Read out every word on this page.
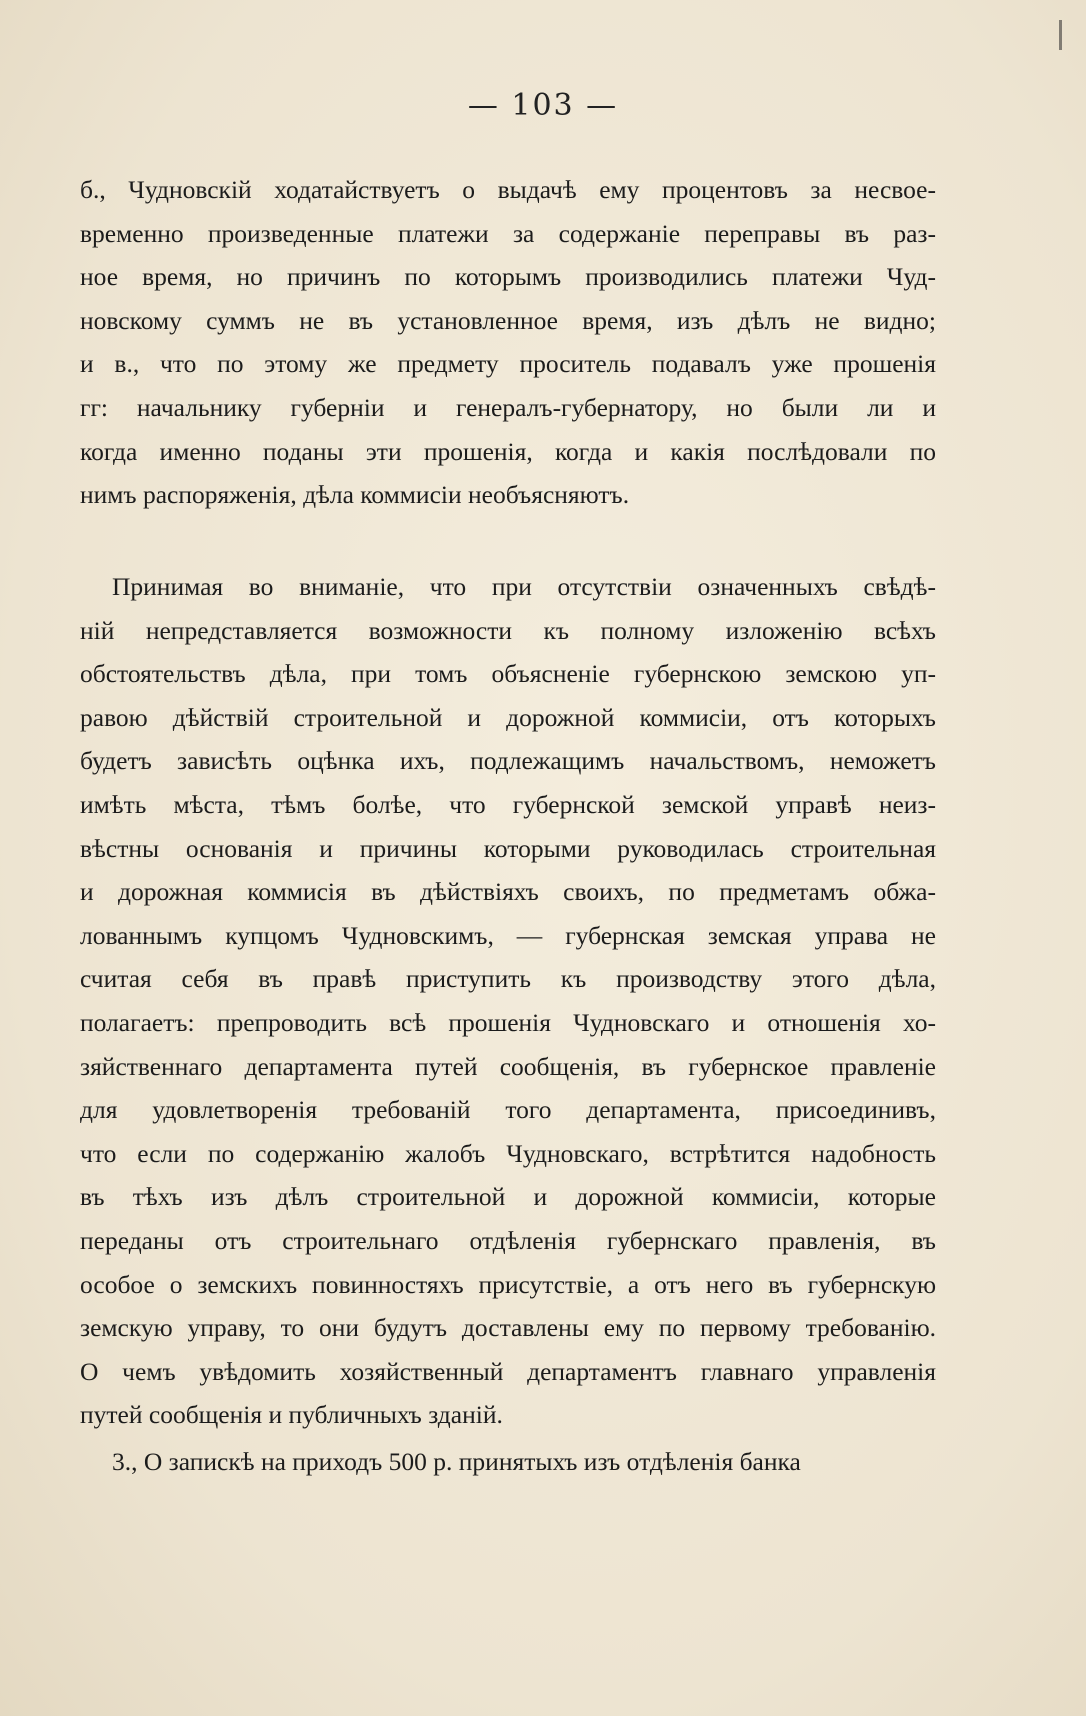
— 103 —
б., Чудновскій ходатайствуетъ о выдачѣ ему процентовъ за несвое-
временно произведенные платежи за содержаніе переправы въ раз-
ное время, но причинъ по которымъ производились платежи Чуд-
новскому суммъ не въ установленное время, изъ дѣлъ не видно;
и в., что по этому же предмету проситель подавалъ уже прошенія
гг: начальнику губерніи и генералъ-губернатору, но были ли и
когда именно поданы эти прошенія, когда и какія послѣдовали по
нимъ распоряженія, дѣла коммисіи необъясняютъ.
Принимая во вниманіе, что при отсутствіи означенныхъ свѣдѣ-
ній непредставляется возможности къ полному изложенію всѣхъ
обстоятельствъ дѣла, при томъ объясненіе губернскою земскою уп-
равою дѣйствій строительной и дорожной коммисіи, отъ которыхъ
будетъ зависѣть оцѣнка ихъ, подлежащимъ начальствомъ, неможетъ
имѣть мѣста, тѣмъ болѣе, что губернской земской управѣ неиз-
вѣстны основанія и причины которыми руководилась строительная
и дорожная коммисія въ дѣйствіяхъ своихъ, по предметамъ обжа-
лованнымъ купцомъ Чудновскимъ, — губернская земская управа не
считая себя въ правѣ приступить къ производству этого дѣла,
полагаетъ: препроводить всѣ прошенія Чудновскаго и отношенія хо-
зяйственнаго департамента путей сообщенія, въ губернское правленіе
для удовлетворенія требованій того департамента, присоединивъ,
что если по содержанію жалобъ Чудновскаго, встрѣтится надобность
въ тѣхъ изъ дѣлъ строительной и дорожной коммисіи, которые
переданы отъ строительнаго отдѣленія губернскаго правленія, въ
особое о земскихъ повинностяхъ присутствіе, а отъ него въ губернскую
земскую управу, то они будутъ доставлены ему по первому требованію.
О чемъ увѣдомить хозяйственный департаментъ главнаго управленія
путей сообщенія и публичныхъ зданій.
3., О запискѣ на приходъ 500 р. принятыхъ изъ отдѣленія банка
